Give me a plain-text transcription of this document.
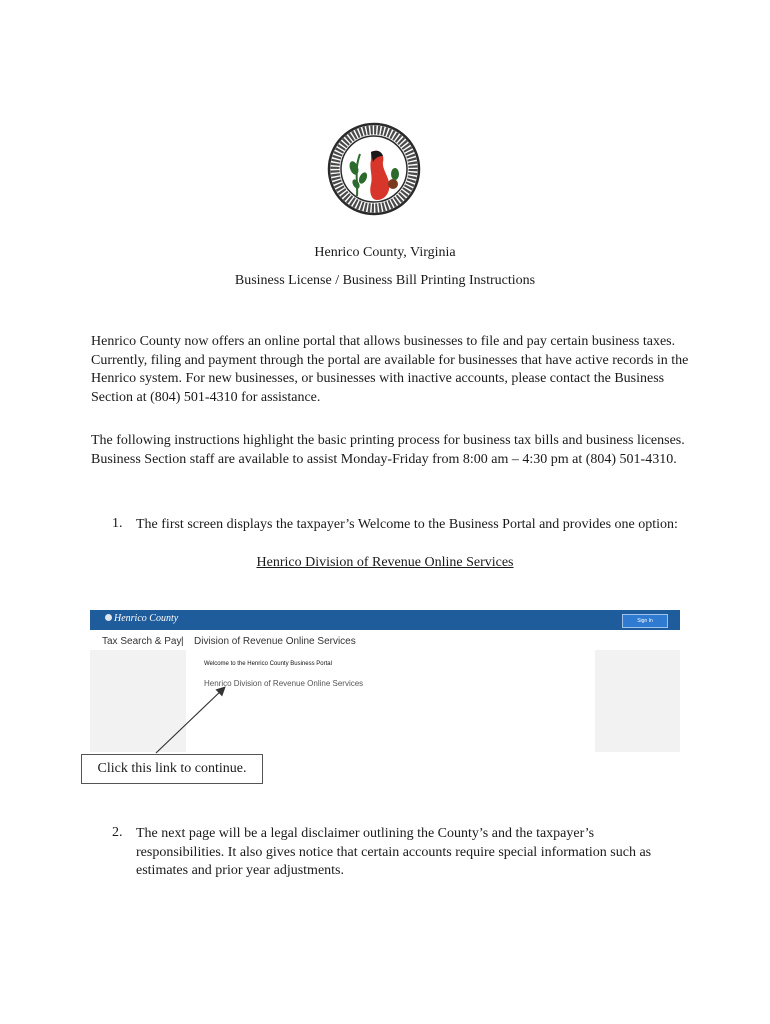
Henrico County, Virginia
Business License / Business Bill Printing Instructions
Henrico County now offers an online portal that allows businesses to file and pay certain business taxes. Currently, filing and payment through the portal are available for businesses that have active records in the Henrico system. For new businesses, or businesses with inactive accounts, please contact the Business Section at (804) 501-4310 for assistance.
The following instructions highlight the basic printing process for business tax bills and business licenses. Business Section staff are available to assist Monday-Friday from 8:00 am – 4:30 pm at (804) 501-4310.
1. The first screen displays the taxpayer’s Welcome to the Business Portal and provides one option:
Henrico Division of Revenue Online Services
Henrico County	Sign In
Tax Search & Pay | Division of Revenue Online Services
Welcome to the Henrico County Business Portal
Henrico Division of Revenue Online Services
Click this link to continue.
2. The next page will be a legal disclaimer outlining the County’s and the taxpayer’s responsibilities. It also gives notice that certain accounts require special information such as estimates and prior year adjustments.
